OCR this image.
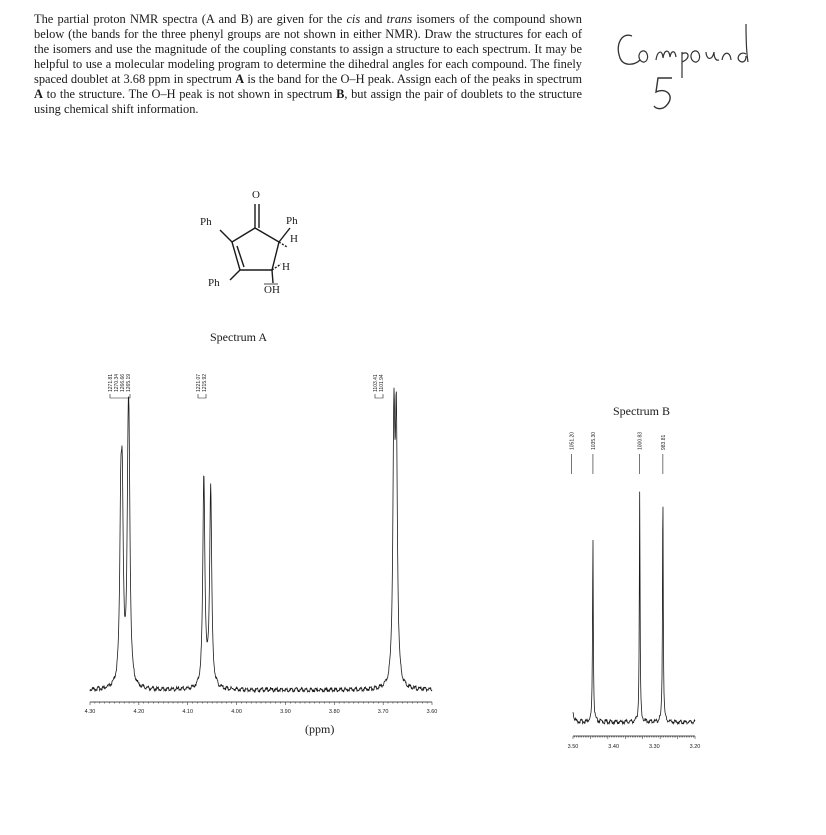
The partial proton NMR spectra (A and B) are given for the cis and trans isomers of the compound shown below (the bands for the three phenyl groups are not shown in either NMR). Draw the structures for each of the isomers and use the magnitude of the coupling constants to assign a structure to each spectrum. It may be helpful to use a molecular modeling program to determine the dihedral angles for each compound. The finely spaced doublet at 3.68 ppm in spectrum A is the band for the O–H peak. Assign each of the peaks in spectrum A to the structure. The O–H peak is not shown in spectrum B, but assign the pair of doublets to the structure using chemical shift information.
Compound
5
O
Ph	Ph
H
Ph
H
OH
Spectrum A
4.30	4.20	4.10	4.00	3.90	3.80	3.70	3.60
1271.81 1270.34 1266.66 1265.19	1221.07 1215.92	1103.41 1101.94
(ppm)
Spectrum B
3.50	3.40	3.30	3.20
1051.20	1035.30	1000.83	983.81
